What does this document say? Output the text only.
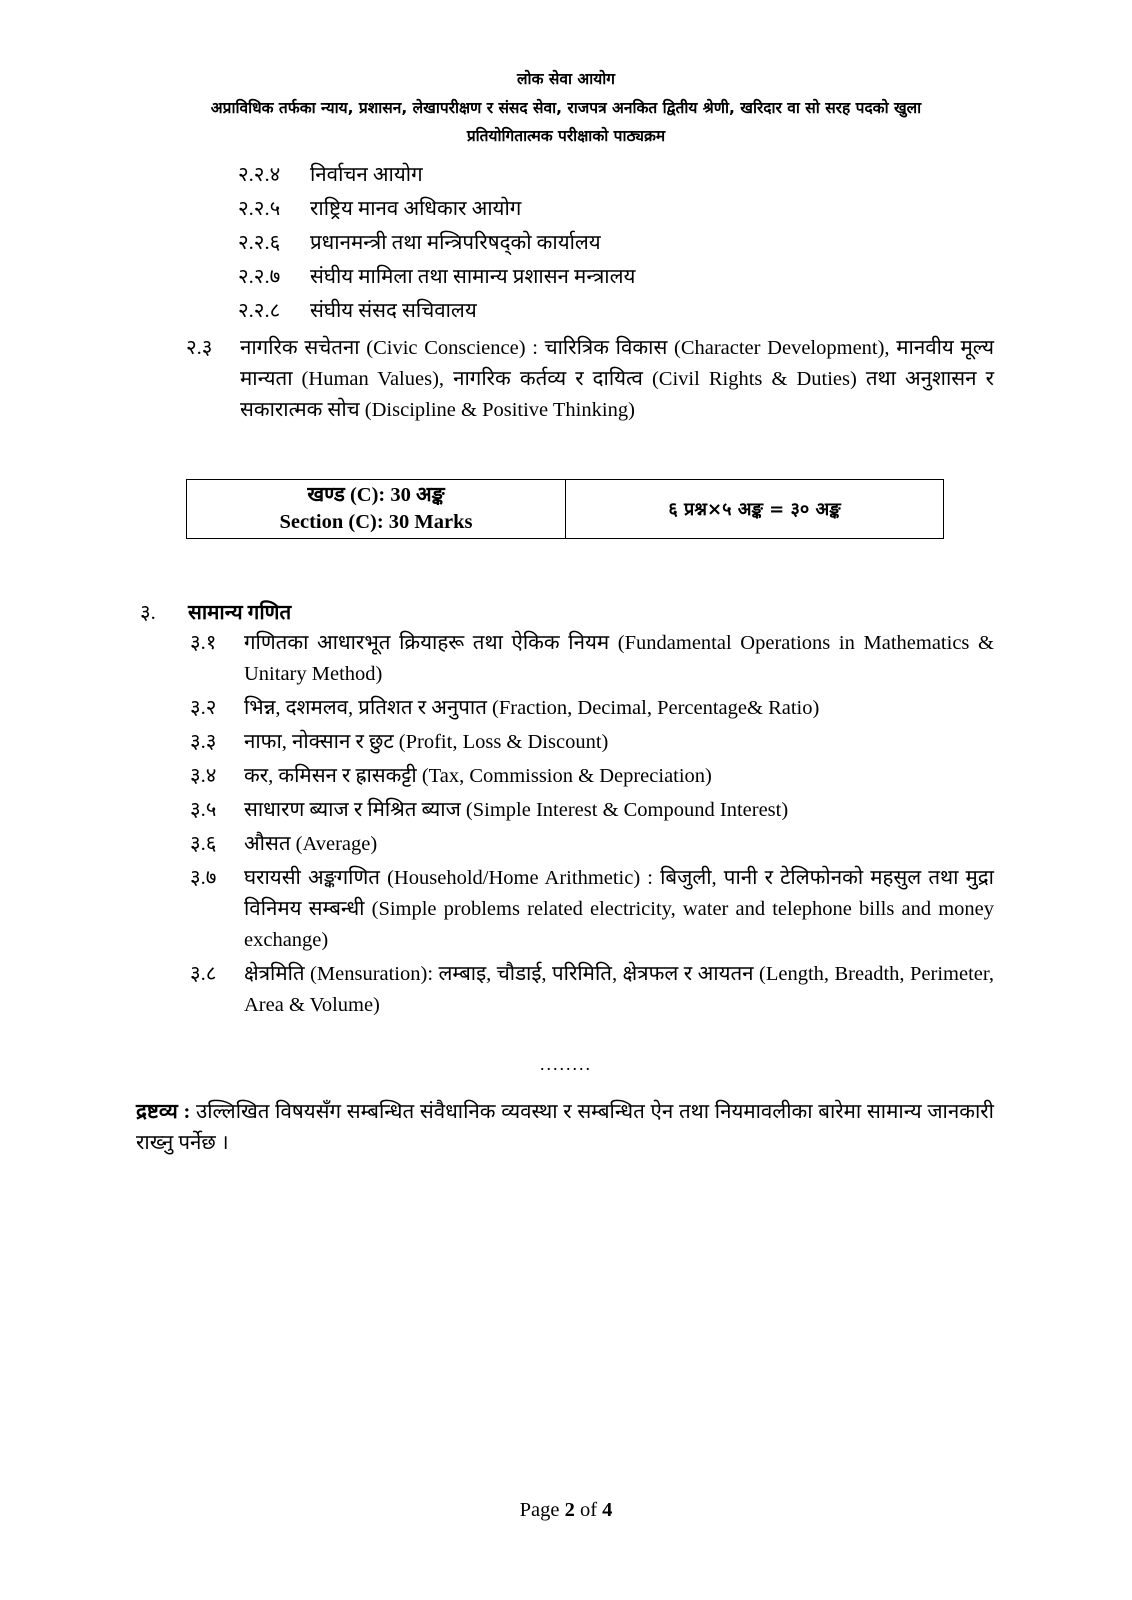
लोक सेवा आयोग
अप्राविधिक तर्फका न्याय, प्रशासन, लेखापरीक्षण र संसद सेवा, राजपत्र अनकित द्वितीय श्रेणी, खरिदार वा सो सरह पदको खुला
प्रतियोगितात्मक परीक्षाको पाठ्यक्रम
२.२.४ निर्वाचन आयोग
२.२.५ राष्ट्रिय मानव अधिकार आयोग
२.२.६ प्रधानमन्त्री तथा मन्त्रिपरिषद्को कार्यालय
२.२.७ संघीय मामिला तथा सामान्य प्रशासन मन्त्रालय
२.२.८ संघीय संसद सचिवालय
२.३ नागरिक सचेतना (Civic Conscience) : चारित्रिक विकास (Character Development), मानवीय मूल्य मान्यता (Human Values), नागरिक कर्तव्य र दायित्व (Civil Rights & Duties) तथा अनुशासन र सकारात्मक सोच (Discipline & Positive Thinking)
खण्ड (C): 30 अङ्क
Section (C): 30 Marks
६ प्रश्न×५ अङ्क = ३० अङ्क
३. सामान्य गणित
३.१ गणितका आधारभूत क्रियाहरू तथा ऐकिक नियम (Fundamental Operations in Mathematics & Unitary Method)
३.२ भिन्न, दशमलव, प्रतिशत र अनुपात (Fraction, Decimal, Percentage& Ratio)
३.३ नाफा, नोक्सान र छुट (Profit, Loss & Discount)
३.४ कर, कमिसन र ह्रासकट्टी (Tax, Commission & Depreciation)
३.५ साधारण ब्याज र मिश्रित ब्याज (Simple Interest & Compound Interest)
३.६ औसत (Average)
३.७ घरायसी अङ्कगणित (Household/Home Arithmetic) : बिजुली, पानी र टेलिफोनको महसुल तथा मुद्रा विनिमय सम्बन्धी (Simple problems related electricity, water and telephone bills and money exchange)
३.८ क्षेत्रमिति (Mensuration): लम्बाइ, चौडाई, परिमिति, क्षेत्रफल र आयतन (Length, Breadth, Perimeter, Area & Volume)
........
द्रष्टव्य : उल्लिखित विषयसँग सम्बन्धित संवैधानिक व्यवस्था र सम्बन्धित ऐन तथा नियमावलीका बारेमा सामान्य जानकारी राख्नु पर्नेछ ।
Page 2 of 4
